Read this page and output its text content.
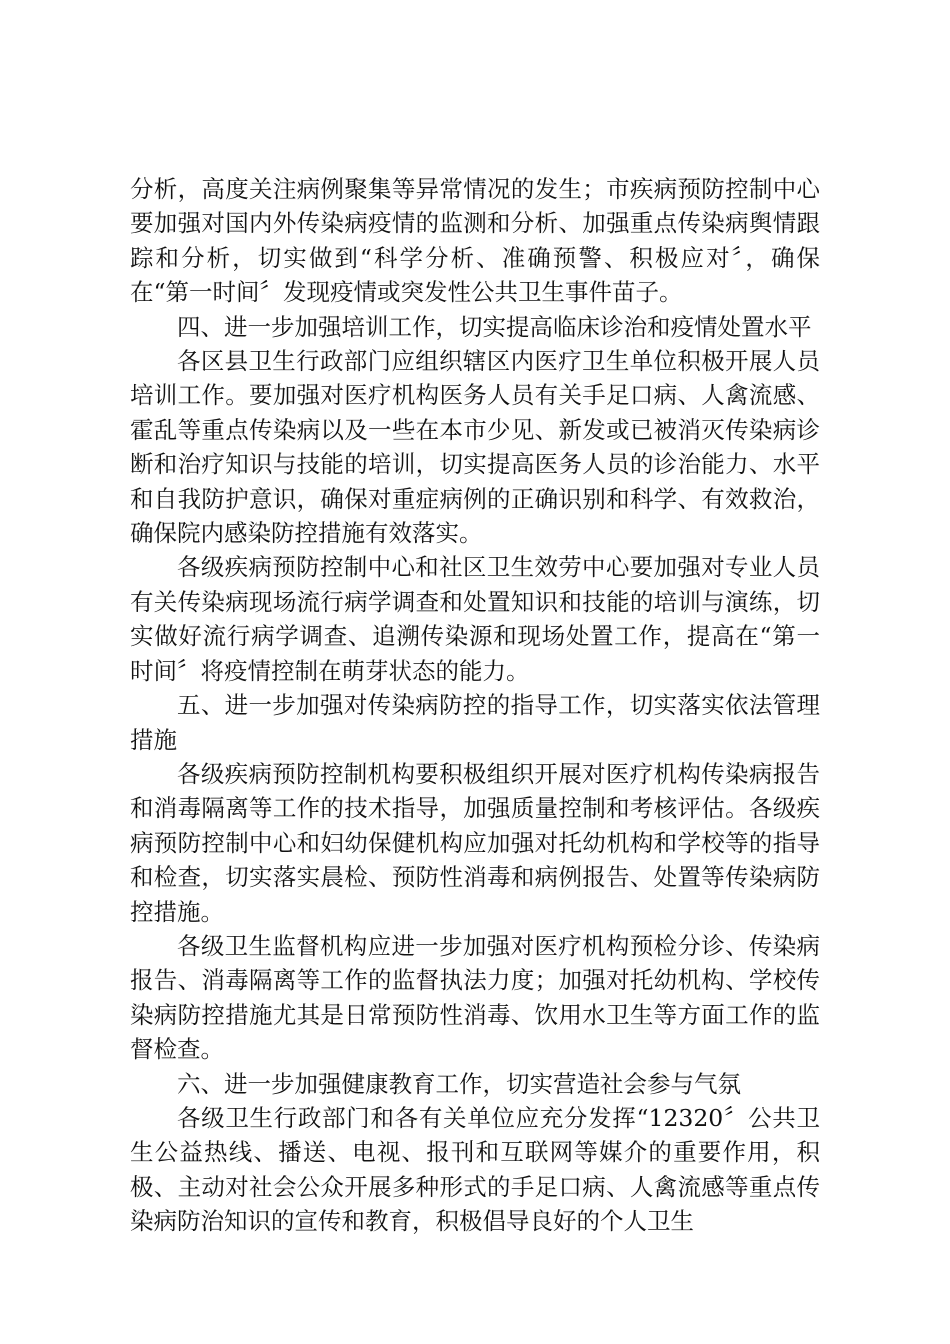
分析，高度关注病例聚集等异常情况的发生；市疾病预防控制中心要加强对国内外传染病疫情的监测和分析、加强重点传染病舆情跟踪和分析，切实做到“科学分析、准确预警、积极应对〞，确保在“第一时间〞发现疫情或突发性公共卫生事件苗子。

四、进一步加强培训工作，切实提高临床诊治和疫情处置水平

各区县卫生行政部门应组织辖区内医疗卫生单位积极开展人员培训工作。要加强对医疗机构医务人员有关手足口病、人禽流感、霍乱等重点传染病以及一些在本市少见、新发或已被消灭传染病诊断和治疗知识与技能的培训，切实提高医务人员的诊治能力、水平和自我防护意识，确保对重症病例的正确识别和科学、有效救治，确保院内感染防控措施有效落实。

各级疾病预防控制中心和社区卫生效劳中心要加强对专业人员有关传染病现场流行病学调查和处置知识和技能的培训与演练，切实做好流行病学调查、追溯传染源和现场处置工作，提高在“第一时间〞将疫情控制在萌芽状态的能力。

五、进一步加强对传染病防控的指导工作，切实落实依法管理措施

各级疾病预防控制机构要积极组织开展对医疗机构传染病报告和消毒隔离等工作的技术指导，加强质量控制和考核评估。各级疾病预防控制中心和妇幼保健机构应加强对托幼机构和学校等的指导和检查，切实落实晨检、预防性消毒和病例报告、处置等传染病防控措施。

各级卫生监督机构应进一步加强对医疗机构预检分诊、传染病报告、消毒隔离等工作的监督执法力度；加强对托幼机构、学校传染病防控措施尤其是日常预防性消毒、饮用水卫生等方面工作的监督检查。

六、进一步加强健康教育工作，切实营造社会参与气氛

各级卫生行政部门和各有关单位应充分发挥“12320〞公共卫生公益热线、播送、电视、报刊和互联网等媒介的重要作用，积极、主动对社会公众开展多种形式的手足口病、人禽流感等重点传染病防治知识的宣传和教育，积极倡导良好的个人卫生
